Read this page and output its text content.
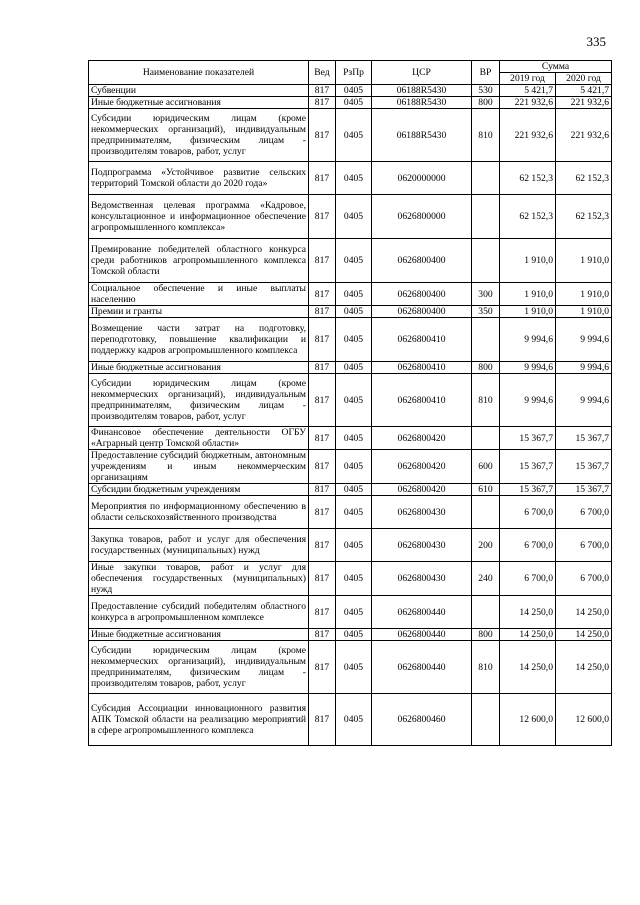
335
Наименование показателей	Вед	РзПр	ЦСР	ВР	Сумма	
					2019 год	2020 год
Субвенции	817	0405	06188R5430	530	5 421,7	5 421,7
Иные бюджетные ассигнования	817	0405	06188R5430	800	221 932,6	221 932,6
Субсидии юридическим лицам (кроме некоммерческих организаций), индивидуальным предпринимателям, физическим лицам - производителям товаров, работ, услуг	817	0405	06188R5430	810	221 932,6	221 932,6
Подпрограмма «Устойчивое развитие сельских территорий Томской области до 2020 года»	817	0405	0620000000		62 152,3	62 152,3
Ведомственная целевая программа «Кадровое, консультационное и информационное обеспечение агропромышленного комплекса»	817	0405	0626800000		62 152,3	62 152,3
Премирование победителей областного конкурса среди работников агропромышленного комплекса Томской области	817	0405	0626800400		1 910,0	1 910,0
Социальное обеспечение и иные выплаты населению	817	0405	0626800400	300	1 910,0	1 910,0
Премии и гранты	817	0405	0626800400	350	1 910,0	1 910,0
Возмещение части затрат на подготовку, переподготовку, повышение квалификации и поддержку кадров агропромышленного комплекса	817	0405	0626800410		9 994,6	9 994,6
Иные бюджетные ассигнования	817	0405	0626800410	800	9 994,6	9 994,6
Субсидии юридическим лицам (кроме некоммерческих организаций), индивидуальным предпринимателям, физическим лицам - производителям товаров, работ, услуг	817	0405	0626800410	810	9 994,6	9 994,6
Финансовое обеспечение деятельности ОГБУ «Аграрный центр Томской области»	817	0405	0626800420		15 367,7	15 367,7
Предоставление субсидий бюджетным, автономным учреждениям и иным некоммерческим организациям	817	0405	0626800420	600	15 367,7	15 367,7
Субсидии бюджетным учреждениям	817	0405	0626800420	610	15 367,7	15 367,7
Мероприятия по информационному обеспечению в области сельскохозяйственного производства	817	0405	0626800430		6 700,0	6 700,0
Закупка товаров, работ и услуг для обеспечения государственных (муниципальных) нужд	817	0405	0626800430	200	6 700,0	6 700,0
Иные закупки товаров, работ и услуг для обеспечения государственных (муниципальных) нужд	817	0405	0626800430	240	6 700,0	6 700,0
Предоставление субсидий победителям областного конкурса в агропромышленном комплексе	817	0405	0626800440		14 250,0	14 250,0
Иные бюджетные ассигнования	817	0405	0626800440	800	14 250,0	14 250,0
Субсидии юридическим лицам (кроме некоммерческих организаций), индивидуальным предпринимателям, физическим лицам - производителям товаров, работ, услуг	817	0405	0626800440	810	14 250,0	14 250,0
Субсидия Ассоциации инновационного развития АПК Томской области на реализацию мероприятий в сфере агропромышленного комплекса	817	0405	0626800460		12 600,0	12 600,0
